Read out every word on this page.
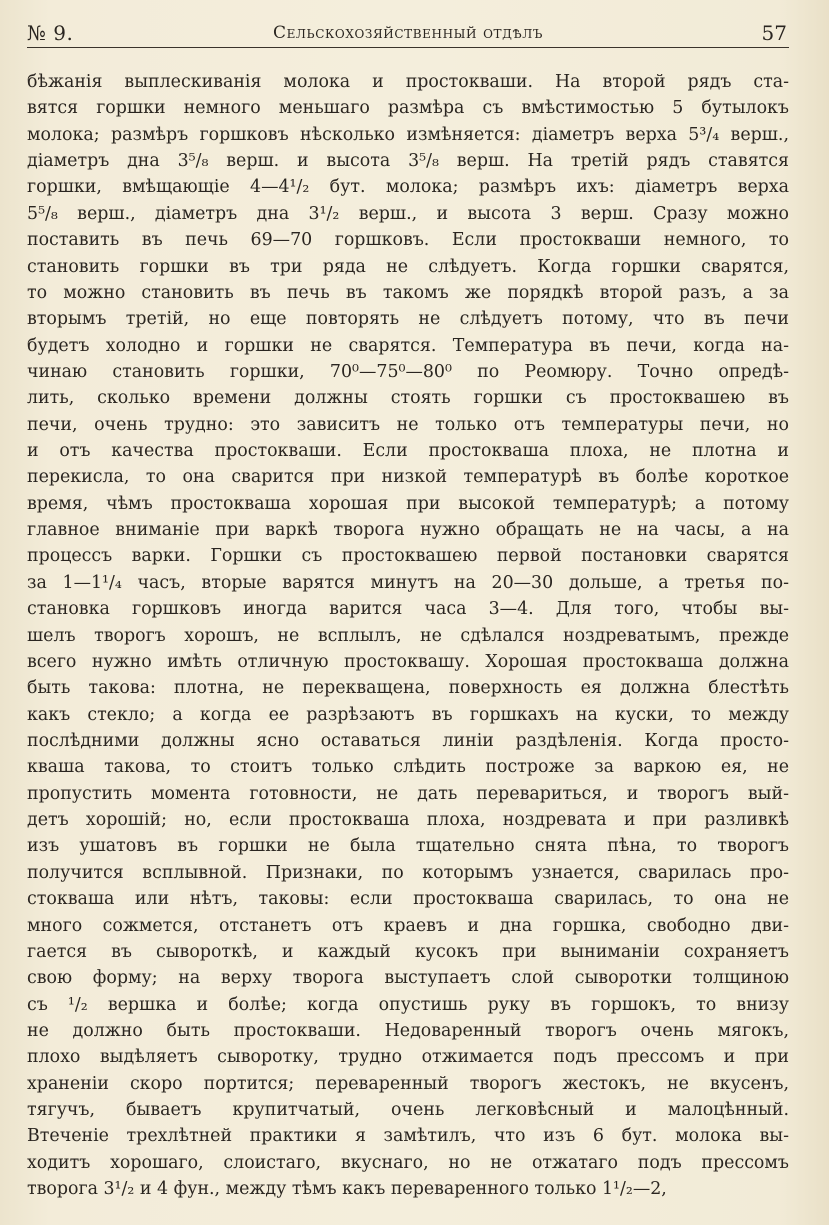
№ 9.	Сельскохозяйственный отдѣлъ	57
бѣжанія выплескиванія молока и простокваши. На второй рядъ ста-
вятся горшки немного меньшаго размѣра съ вмѣстимостью 5 бутылокъ
молока; размѣръ горшковъ нѣсколько измѣняется: діаметръ верха 5³/₄ верш.,
діаметръ дна 3⁵/₈ верш. и высота 3⁵/₈ верш. На третій рядъ ставятся
горшки, вмѣщающіе 4—4¹/₂ бут. молока; размѣръ ихъ: діаметръ верха
5⁵/₈ верш., діаметръ дна 3¹/₂ верш., и высота 3 верш. Сразу можно
поставить въ печь 69—70 горшковъ. Если простокваши немного, то
становить горшки въ три ряда не слѣдуетъ. Когда горшки сварятся,
то можно становить въ печь въ такомъ же порядкѣ второй разъ, а за
вторымъ третій, но еще повторять не слѣдуетъ потому, что въ печи
будетъ холодно и горшки не сварятся. Температура въ печи, когда на-
чинаю становить горшки, 70⁰—75⁰—80⁰ по Реомюру. Точно опредѣ-
лить, сколько времени должны стоять горшки съ простоквашею въ
печи, очень трудно: это зависитъ не только отъ температуры печи, но
и отъ качества простокваши. Если простокваша плоха, не плотна и
перекисла, то она сварится при низкой температурѣ въ болѣе короткое
время, чѣмъ простокваша хорошая при высокой температурѣ; а потому
главное вниманіе при варкѣ творога нужно обращать не на часы, а на
процессъ варки. Горшки съ простоквашею первой постановки сварятся
за 1—1¹/₄ часъ, вторые варятся минутъ на 20—30 дольше, а третья по-
становка горшковъ иногда варится часа 3—4. Для того, чтобы вы-
шелъ творогъ хорошъ, не всплылъ, не сдѣлался ноздреватымъ, прежде
всего нужно имѣть отличную простоквашу. Хорошая простокваша должна
быть такова: плотна, не перекващена, поверхность ея должна блестѣть
какъ стекло; а когда ее разрѣзаютъ въ горшкахъ на куски, то между
послѣдними должны ясно оставаться линіи раздѣленія. Когда просто-
кваша такова, то стоитъ только слѣдить построже за варкою ея, не
пропустить момента готовности, не дать перевариться, и творогъ вый-
детъ хорошій; но, если простокваша плоха, ноздревата и при разливкѣ
изъ ушатовъ въ горшки не была тщательно снята пѣна, то творогъ
получится всплывной. Признаки, по которымъ узнается, сварилась про-
стокваша или нѣтъ, таковы: если простокваша сварилась, то она не
много сожмется, отстанетъ отъ краевъ и дна горшка, свободно дви-
гается въ сывороткѣ, и каждый кусокъ при выниманіи сохраняетъ
свою форму; на верху творога выступаетъ слой сыворотки толщиною
съ ¹/₂ вершка и болѣе; когда опустишь руку въ горшокъ, то внизу
не должно быть простокваши. Недоваренный творогъ очень мягокъ,
плохо выдѣляетъ сыворотку, трудно отжимается подъ прессомъ и при
храненіи скоро портится; переваренный творогъ жестокъ, не вкусенъ,
тягучъ, бываетъ крупитчатый, очень легковѣсный и малоцѣнный.
Втеченіе трехлѣтней практики я замѣтилъ, что изъ 6 бут. молока вы-
ходитъ хорошаго, слоистаго, вкуснаго, но не отжатаго подъ прессомъ
творога 3¹/₂ и 4 фун., между тѣмъ какъ переваренного только 1¹/₂—2,
